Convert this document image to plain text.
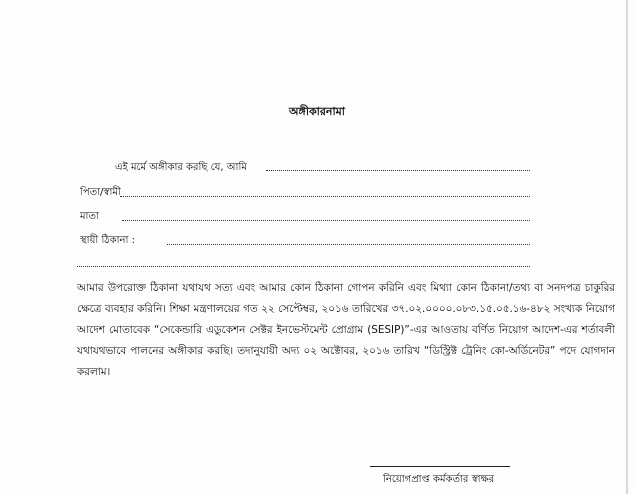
অঙ্গীকারনামা
এই মর্মে অঙ্গীকার করছি যে, আমি
পিতা/স্বামী
মাতা
স্থায়ী ঠিকানা :
আমার উপরোক্ত ঠিকানা যথাযথ সত্য এবং আমার কোন ঠিকানা গোপন করিনি এবং মিথ্যা কোন ঠিকানা/তথ্য বা সনদপত্র চাকুরির ক্ষেত্রে ব্যবহার করিনি। শিক্ষা মন্ত্রণালয়ের গত ২২ সেপ্টেম্বর, ২০১৬ তারিখের ৩৭.০২.০০০০.০৮৩.১৫.০৫.১৬-৪৮২ সংখ্যক নিয়োগ আদেশ মোতাবেক “সেকেন্ডারি এডুকেশন সেক্টর ইনভেস্টমেন্ট প্রোগ্রাম (SESIP)”-এর আওতায় বর্ণিত নিয়োগ আদেশ-এর শর্তাবলী যথাযথভাবে পালনের অঙ্গীকার করছি। তদানুযায়ী অদ্য ০২ অক্টোবর, ২০১৬ তারিখ “ডিস্ট্রিক্ট ট্রেনিং কো-অর্ডিনেটর” পদে যোগদান করলাম।
নিয়োগপ্রাপ্ত কর্মকর্তার স্বাক্ষর
